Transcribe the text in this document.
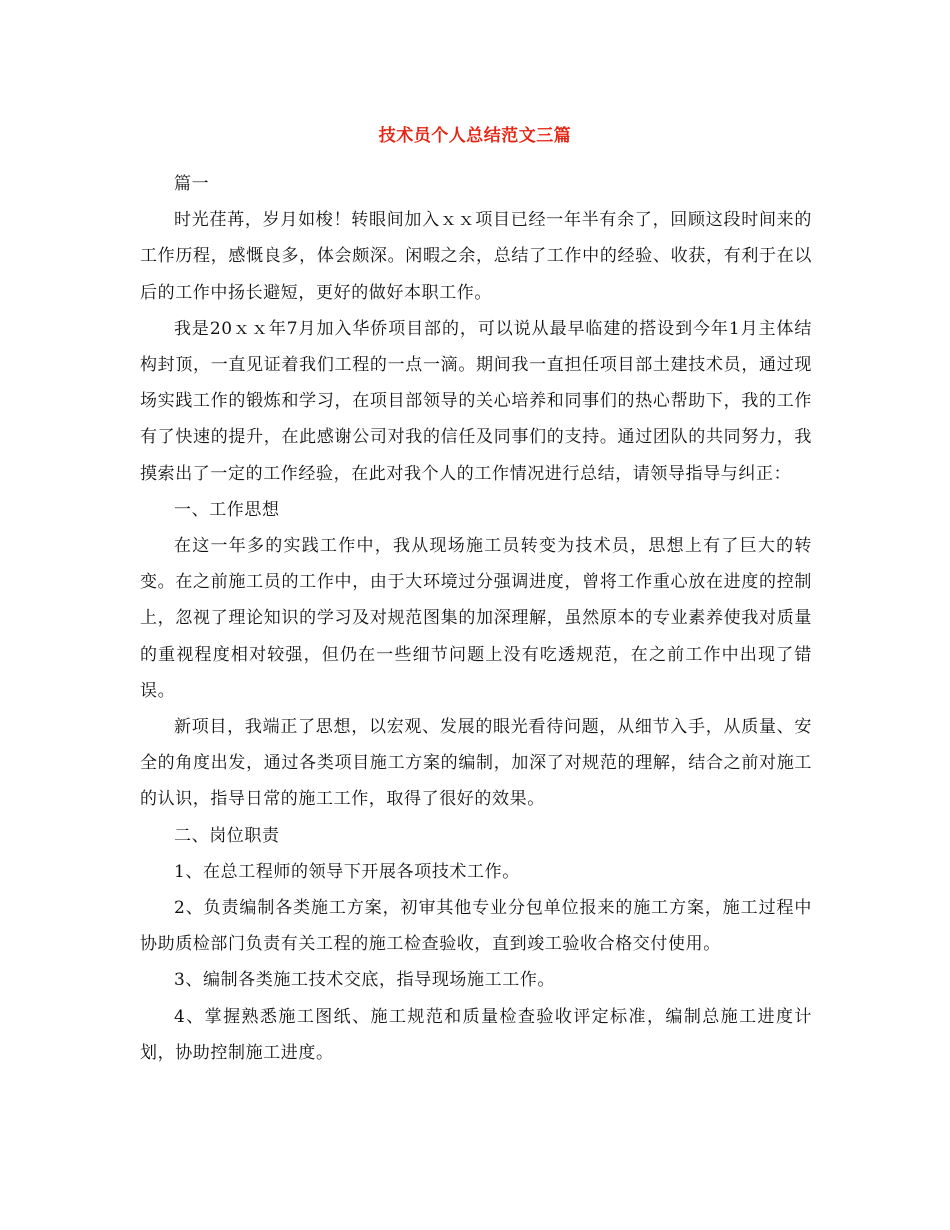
技术员个人总结范文三篇

篇一

时光荏苒，岁月如梭！转眼间加入ｘｘ项目已经一年半有余了，回顾这段时间来的工作历程，感慨良多，体会颇深。闲暇之余，总结了工作中的经验、收获，有利于在以后的工作中扬长避短，更好的做好本职工作。

我是20ｘｘ年7月加入华侨项目部的，可以说从最早临建的搭设到今年1月主体结构封顶，一直见证着我们工程的一点一滴。期间我一直担任项目部土建技术员，通过现场实践工作的锻炼和学习，在项目部领导的关心培养和同事们的热心帮助下，我的工作有了快速的提升，在此感谢公司对我的信任及同事们的支持。通过团队的共同努力，我摸索出了一定的工作经验，在此对我个人的工作情况进行总结，请领导指导与纠正：

一、工作思想

在这一年多的实践工作中，我从现场施工员转变为技术员，思想上有了巨大的转变。在之前施工员的工作中，由于大环境过分强调进度，曾将工作重心放在进度的控制上，忽视了理论知识的学习及对规范图集的加深理解，虽然原本的专业素养使我对质量的重视程度相对较强，但仍在一些细节问题上没有吃透规范，在之前工作中出现了错误。

新项目，我端正了思想，以宏观、发展的眼光看待问题，从细节入手，从质量、安全的角度出发，通过各类项目施工方案的编制，加深了对规范的理解，结合之前对施工的认识，指导日常的施工工作，取得了很好的效果。

二、岗位职责

1、在总工程师的领导下开展各项技术工作。

2、负责编制各类施工方案，初审其他专业分包单位报来的施工方案，施工过程中协助质检部门负责有关工程的施工检查验收，直到竣工验收合格交付使用。

3、编制各类施工技术交底，指导现场施工工作。

4、掌握熟悉施工图纸、施工规范和质量检查验收评定标准，编制总施工进度计划，协助控制施工进度。
